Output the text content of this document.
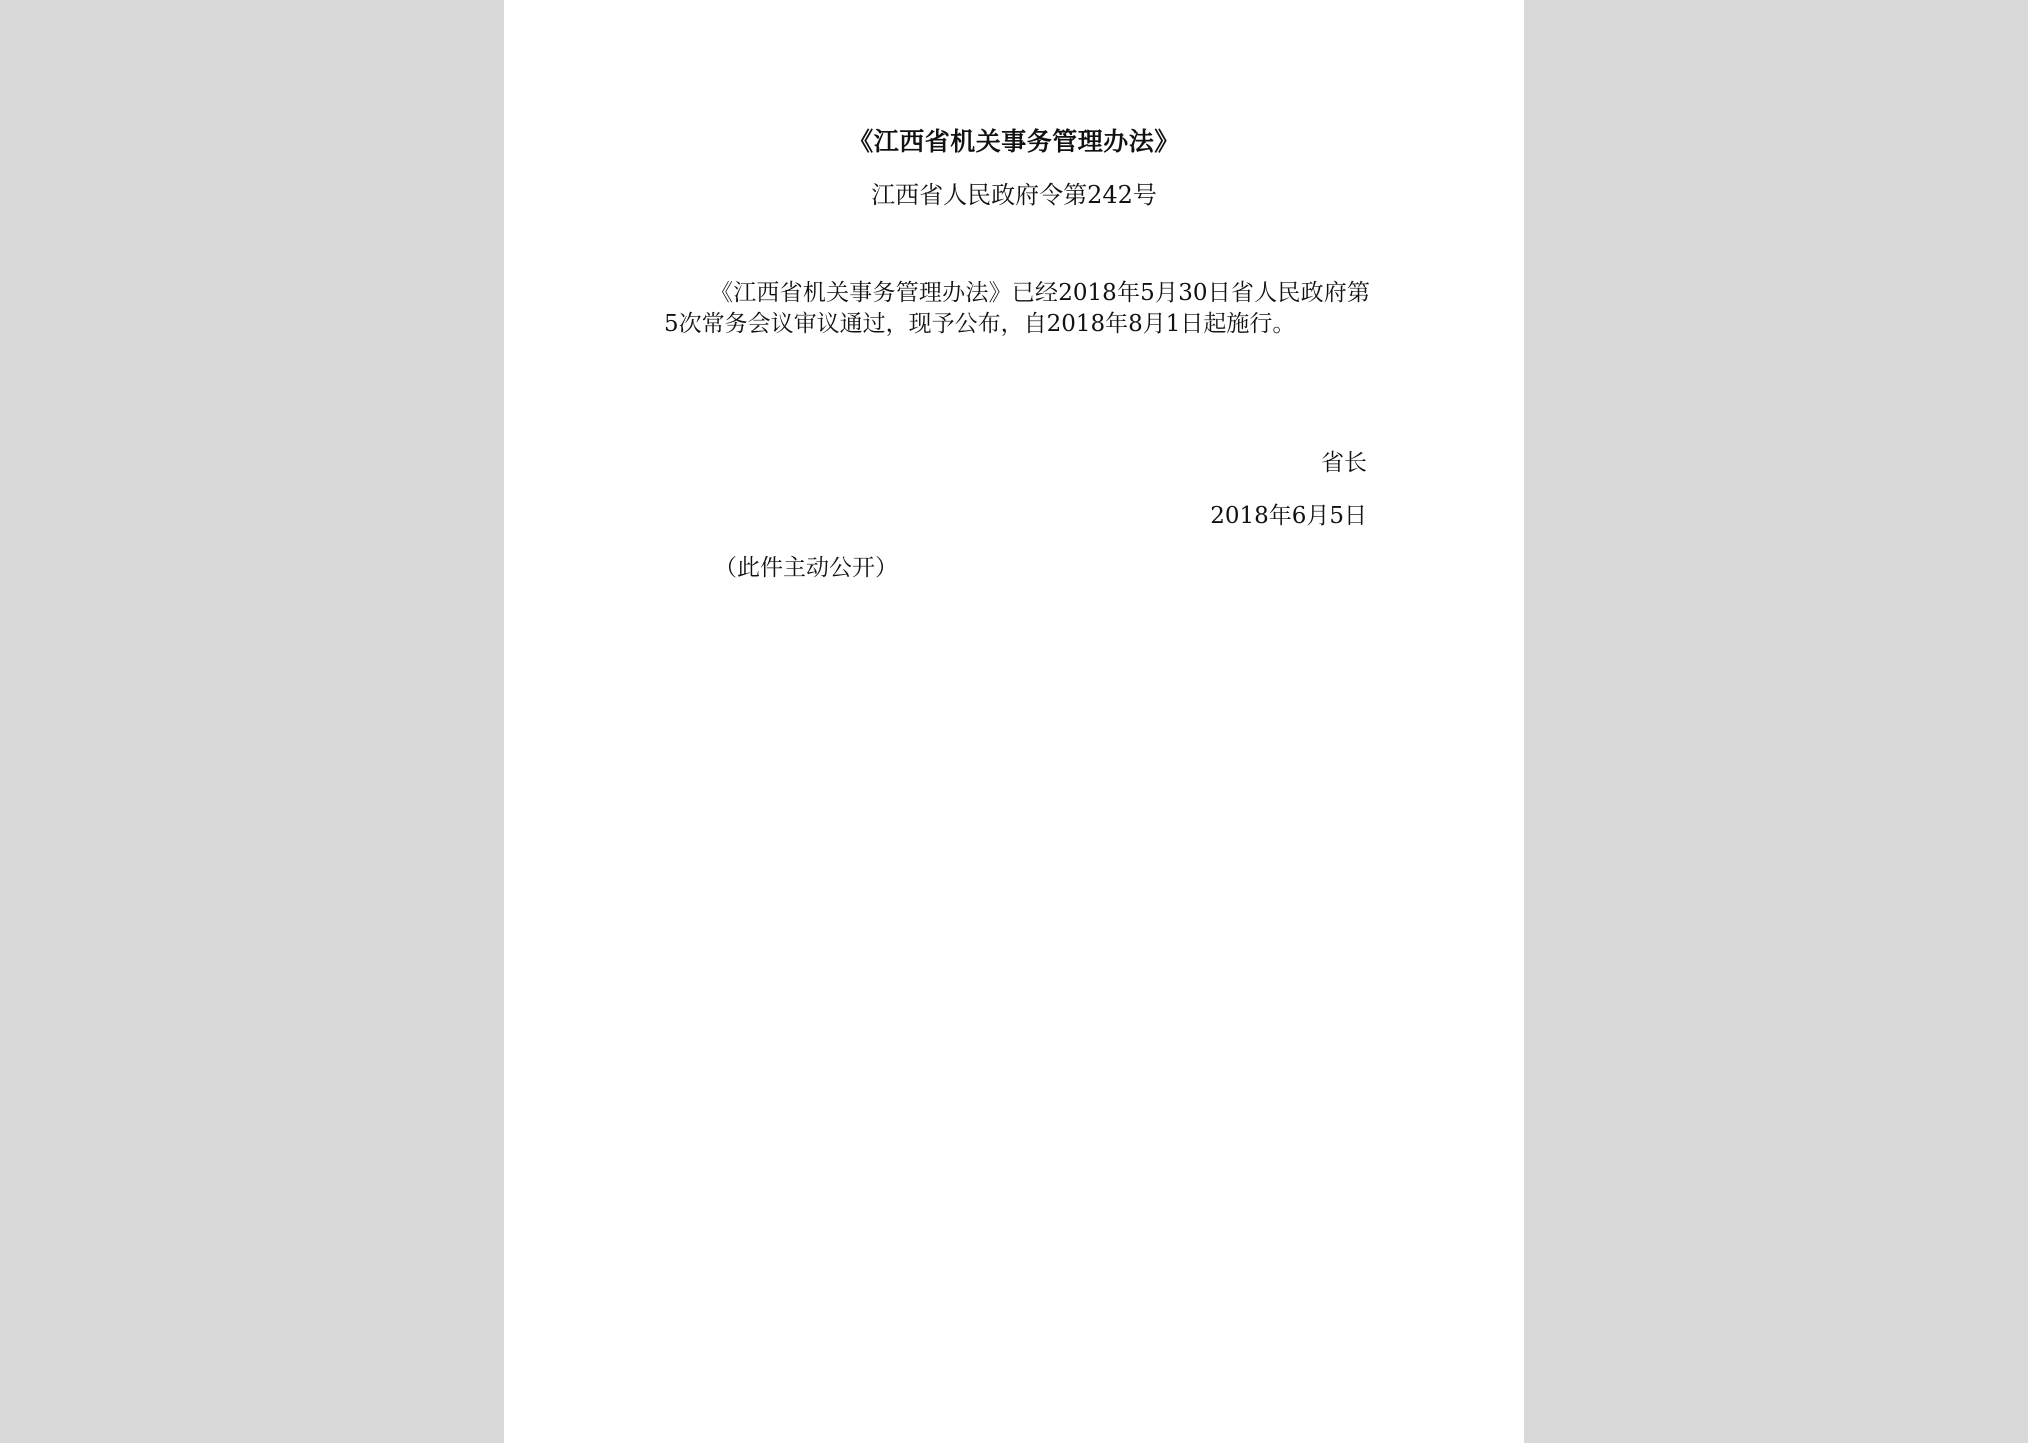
《江西省机关事务管理办法》
江西省人民政府令第242号
《江西省机关事务管理办法》已经2018年5月30日省人民政府第5次常务会议审议通过，现予公布，自2018年8月1日起施行。
省长
2018年6月5日
（此件主动公开）
